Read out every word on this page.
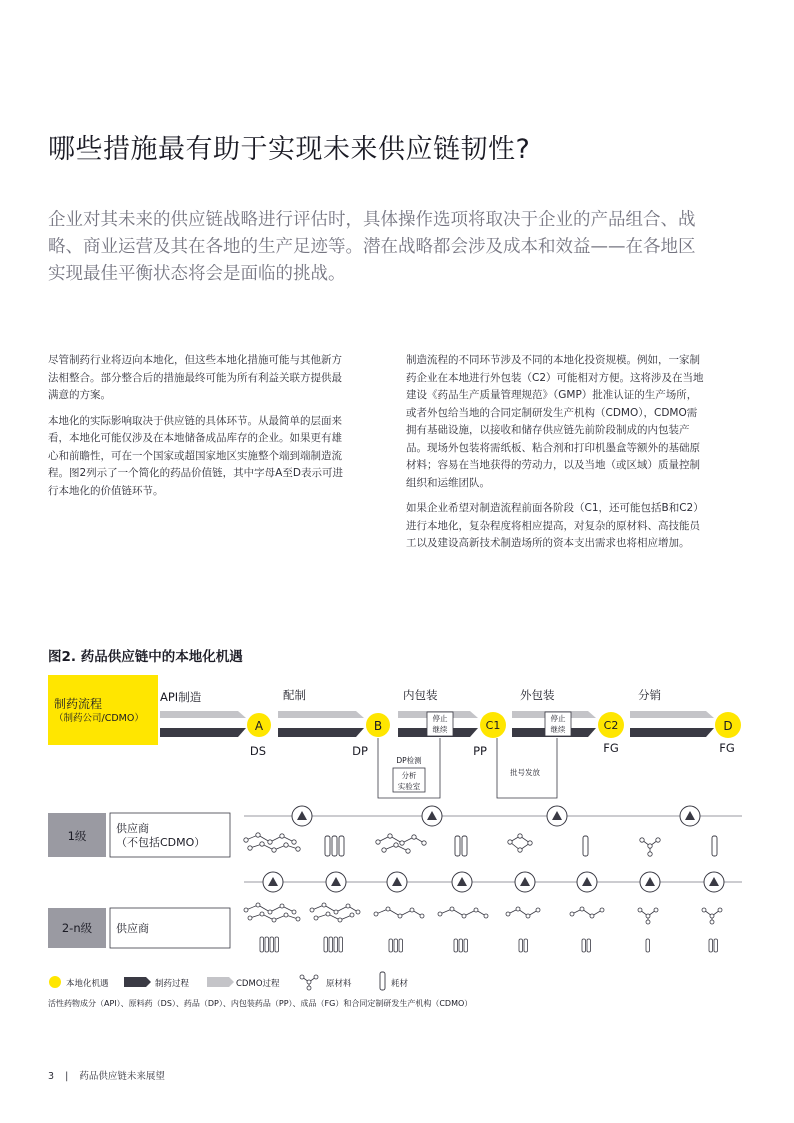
哪些措施最有助于实现未来供应链韧性?
企业对其未来的供应链战略进行评估时，具体操作选项将取决于企业的产品组合、战
略、商业运营及其在各地的生产足迹等。潜在战略都会涉及成本和效益——在各地区
实现最佳平衡状态将会是面临的挑战。

尽管制药行业将迈向本地化，但这些本地化措施可能与其他新方
法相整合。部分整合后的措施最终可能为所有利益关联方提供最
满意的方案。

本地化的实际影响取决于供应链的具体环节。从最简单的层面来
看，本地化可能仅涉及在本地储备成品库存的企业。如果更有雄
心和前瞻性，可在一个国家或超国家地区实施整个端到端制造流
程。图2列示了一个简化的药品价值链，其中字母A至D表示可进
行本地化的价值链环节。

制造流程的不同环节涉及不同的本地化投资规模。例如，一家制
药企业在本地进行外包装（C2）可能相对方便。这将涉及在当地
建设《药品生产质量管理规范》（GMP）批准认证的生产场所，
或者外包给当地的合同定制研发生产机构（CDMO），CDMO需
拥有基础设施，以接收和储存供应链先前阶段制成的内包装产
品。现场外包装将需纸板、粘合剂和打印机墨盒等额外的基础原
材料；容易在当地获得的劳动力，以及当地（或区域）质量控制
组织和运维团队。

如果企业希望对制造流程前面各阶段（C1，还可能包括B和C2）
进行本地化，复杂程度将相应提高，对复杂的原材料、高技能员
工以及建设高新技术制造场所的资本支出需求也将相应增加。

图2. 药品供应链中的本地化机遇
制药流程
（制药公司/CDMO）
API制造	配制	内包装	外包装	分销
停止
继续
停止
继续
A
DS
B
DP
C1
PP
C2
FG
D
FG
DP检测
分析
实验室
批号发放
1级
供应商
（不包括CDMO）
2-n级 供应商
本地化机遇	制药过程	CDMO过程	原材料	耗材
活性药物成分（API）、原料药（DS）、药品（DP）、内包装药品（PP）、成品（FG）和合同定制研发生产机构（CDMO）
3 | 药品供应链未来展望
